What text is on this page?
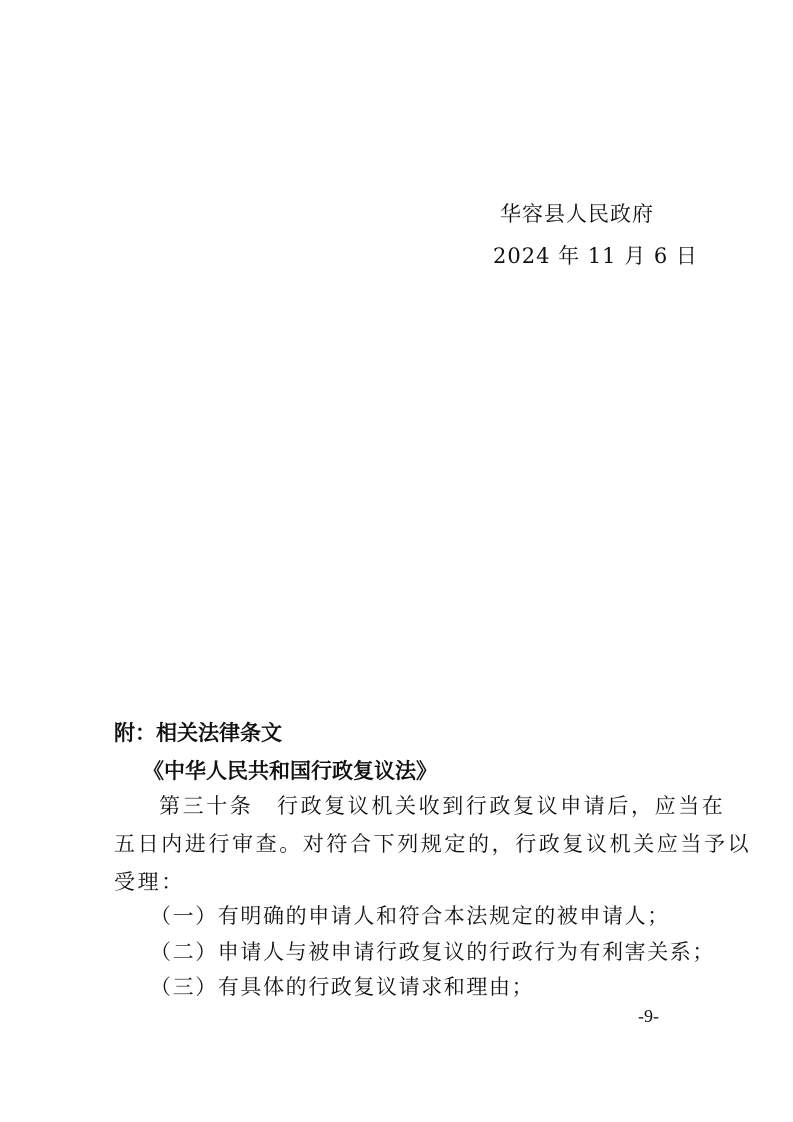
华容县人民政府
2024 年 11 月 6 日
附：相关法律条文
《中华人民共和国行政复议法》
第三十条　行政复议机关收到行政复议申请后，应当在
五日内进行审查。对符合下列规定的，行政复议机关应当予以
受理：
（一）有明确的申请人和符合本法规定的被申请人；
（二）申请人与被申请行政复议的行政行为有利害关系；
（三）有具体的行政复议请求和理由；
-9-
